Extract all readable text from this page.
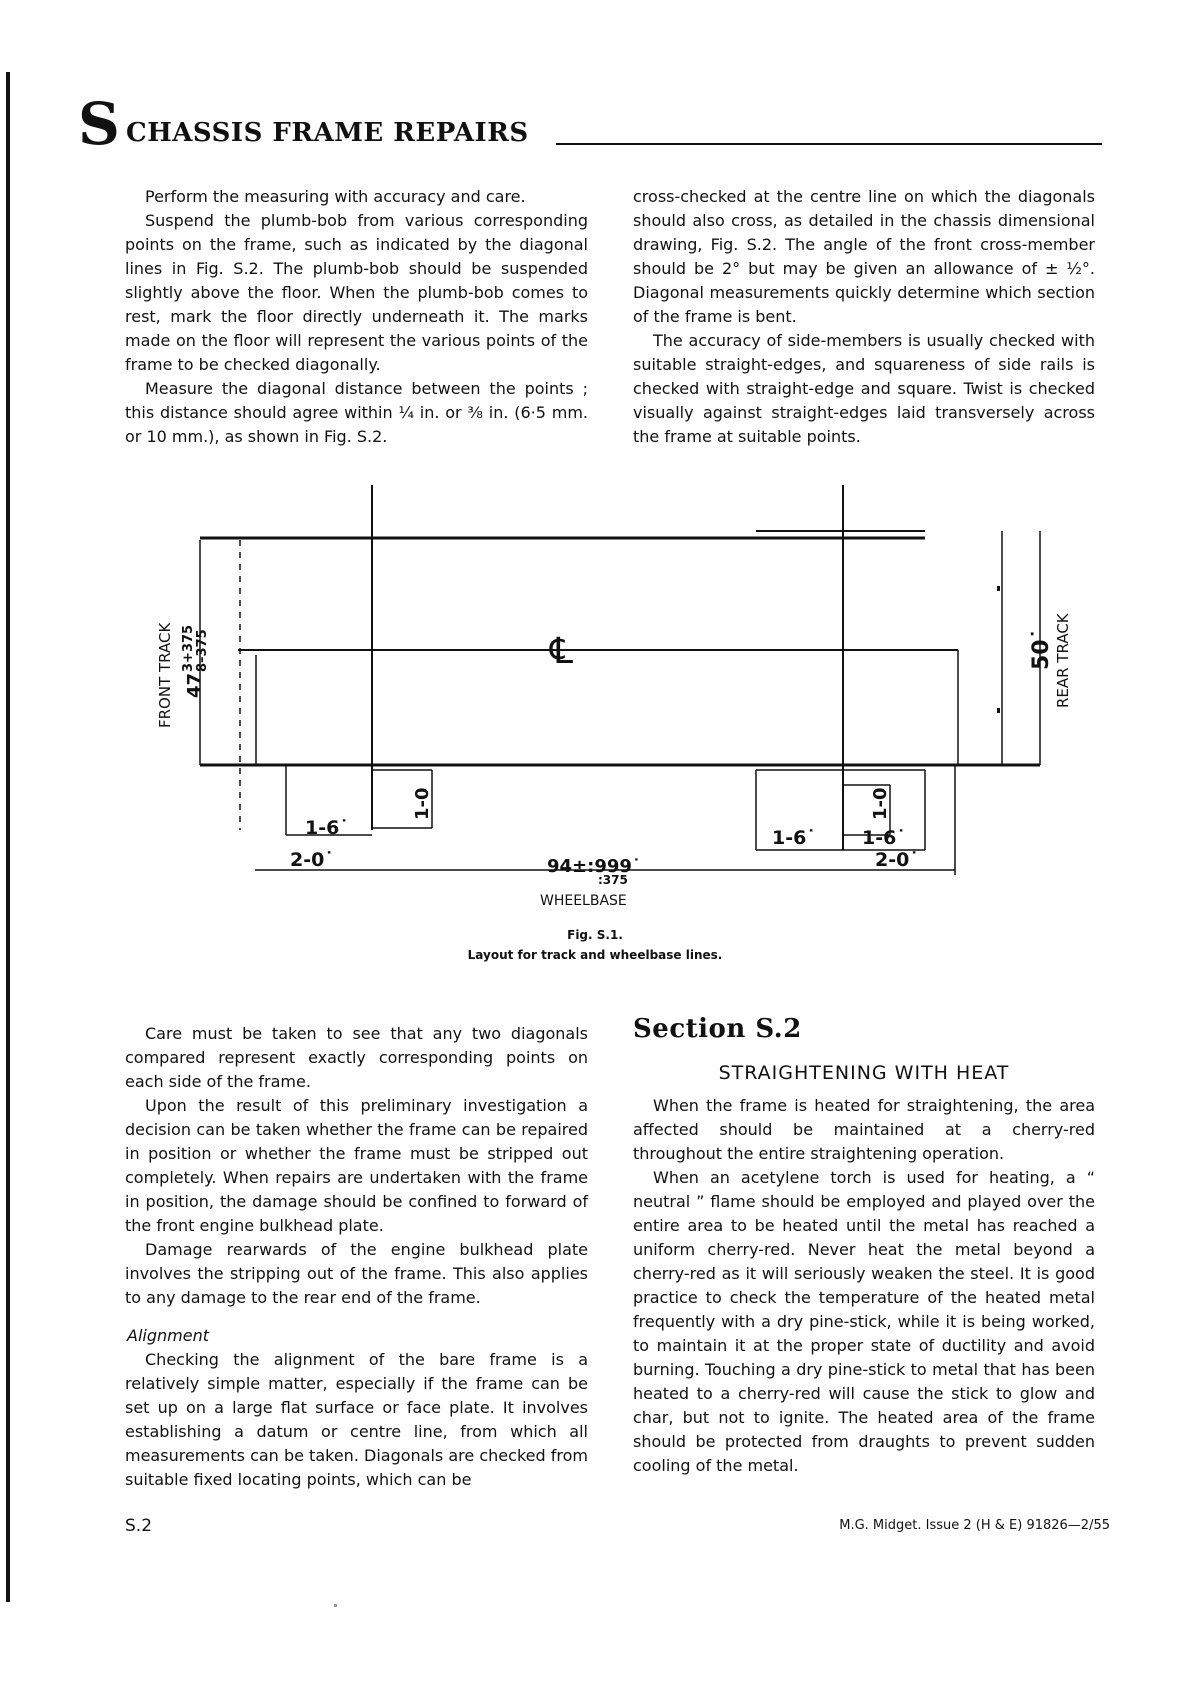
S CHASSIS FRAME REPAIRS

Perform the measuring with accuracy and care.

Suspend the plumb-bob from various corresponding points on the frame, such as indicated by the diagonal lines in Fig. S.2. The plumb-bob should be suspended slightly above the floor. When the plumb-bob comes to rest, mark the floor directly underneath it. The marks made on the floor will represent the various points of the frame to be checked diagonally.

Measure the diagonal distance between the points ; this distance should agree within ¼ in. or ⅜ in. (6·5 mm. or 10 mm.), as shown in Fig. S.2.

cross-checked at the centre line on which the diagonals should also cross, as detailed in the chassis dimensional drawing, Fig. S.2. The angle of the front cross-member should be 2° but may be given an allowance of ± ½°. Diagonal measurements quickly determine which section of the frame is bent.

The accuracy of side-members is usually checked with suitable straight-edges, and squareness of side rails is checked with straight-edge and square. Twist is checked visually against straight-edges laid transversely across the frame at suitable points.

FRONT TRACK 47
3+375 8–375	REAR TRACK
50˙
℄
1-0	1-0
1-6˙	1-6˙ 1-6˙
2-0˙	2-0˙
94±:999˙
:375
WHEELBASE
Fig. S.1.
Layout for track and wheelbase lines.

Care must be taken to see that any two diagonals compared represent exactly corresponding points on each side of the frame.

Upon the result of this preliminary investigation a decision can be taken whether the frame can be repaired in position or whether the frame must be stripped out completely. When repairs are undertaken with the frame in position, the damage should be confined to forward of the front engine bulkhead plate.

Damage rearwards of the engine bulkhead plate involves the stripping out of the frame. This also applies to any damage to the rear end of the frame.

Alignment

Checking the alignment of the bare frame is a relatively simple matter, especially if the frame can be set up on a large flat surface or face plate. It involves establishing a datum or centre line, from which all measurements can be taken. Diagonals are checked from suitable fixed locating points, which can be

Section S.2
STRAIGHTENING WITH HEAT

When the frame is heated for straightening, the area affected should be maintained at a cherry-red throughout the entire straightening operation.

When an acetylene torch is used for heating, a “ neutral ” flame should be employed and played over the entire area to be heated until the metal has reached a uniform cherry-red. Never heat the metal beyond a cherry-red as it will seriously weaken the steel. It is good practice to check the temperature of the heated metal frequently with a dry pine-stick, while it is being worked, to maintain it at the proper state of ductility and avoid burning. Touching a dry pine-stick to metal that has been heated to a cherry-red will cause the stick to glow and char, but not to ignite. The heated area of the frame should be protected from draughts to prevent sudden cooling of the metal.

S.2	M.G. Midget. Issue 2 (H & E) 91826—2/55
